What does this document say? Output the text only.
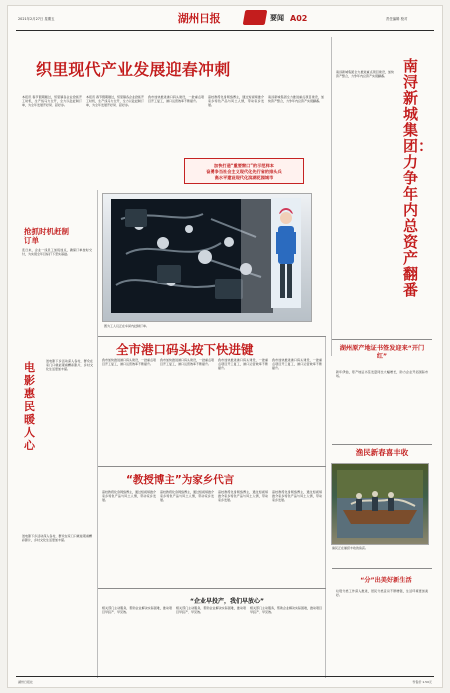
2021年2月27日 星期五	湖州日报	要闻 A02	责任编辑 校对
织里现代产业发展迎春冲刺	南浔新城集团：力争年内总资产翻番

本报讯 春节假期刚过，织里镇各企业抢抓开工时机，生产线马力全开，全力以赴赶制订单，为全年发展开好局、起好步。

本报讯 春节假期刚过，织里镇各企业抢抓开工时机，生产线马力全开，全力以赴赶制订单，为全年发展开好局、起好步。

我市加快推进港口码头建设，一批重点项目开工复工，港口运营效率不断提升。

高校教授化身网络博主，通过短视频推介家乡特色产品与风土人情，带动家乡发展。

南浔新城集团全力推进重点项目建设，加快资产整合，力争年内总资产实现翻番。

加快打造“重要窗口”的示范样本
奋勇争当社会主义现代化先行省的排头兵
高水平建设现代化滨湖花园城市
抢抓时机赶制订单

连日来，企业一线员工加班加点，确保订单按时交付，为实现全年目标打下坚实基础。

电影惠民暖人心

送电影下乡活动深入各村，群众在家门口就能观看精彩影片，乡村文化生活更加丰富。

送电影下乡活动深入各村，群众在家门口就能观看精彩影片，乡村文化生活更加丰富。

图为工人们正在车间内赶制订单。
全市港口码头按下快进键

我市加快推进港口码头建设，一批重点项目开工复工，港口运营效率不断提升。

我市加快推进港口码头建设，一批重点项目开工复工，港口运营效率不断提升。

我市加快推进港口码头建设，一批重点项目开工复工，港口运营效率不断提升。

我市加快推进港口码头建设，一批重点项目开工复工，港口运营效率不断提升。

“教授博主”为家乡代言

高校教授化身网络博主，通过短视频推介家乡特色产品与风土人情，带动家乡发展。

高校教授化身网络博主，通过短视频推介家乡特色产品与风土人情，带动家乡发展。

高校教授化身网络博主，通过短视频推介家乡特色产品与风土人情，带动家乡发展。

高校教授化身网络博主，通过短视频推介家乡特色产品与风土人情，带动家乡发展。

“企业早投产，我们早放心”

相关部门主动服务，帮助企业解决实际困难，推动项目早投产、早见效。

相关部门主动服务，帮助企业解决实际困难，推动项目早投产、早见效。

相关部门主动服务，帮助企业解决实际困难，推动项目早投产、早见效。

南浔新城集团全力推进重点项目建设，加快资产整合，力争年内总资产实现翻番。

湖州原产地证书签发迎来“开门红”

新年伊始，原产地证书签发量同比大幅增长，助力企业开拓国际市场。

渔民新春喜丰收
渔民正在捕捞丰收的鱼获。
“分”出美好新生活

垃圾分类工作深入推进，居民分类意识不断增强，生活环境更加美好。

湖州日报社	零售价 1.50元
